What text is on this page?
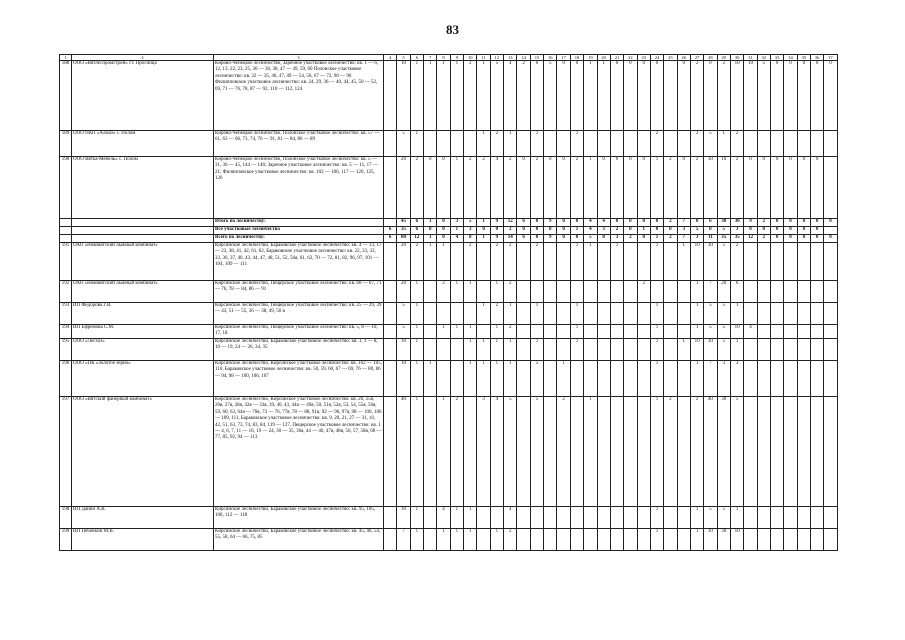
83
1	2	3	4	5	6	7	8	9	10	11	12	13	14	15	16	17	18	19	20	21	22	23	24	25	26	27	28	29	30	31	32	33	34	35	36	37
188	ООО «Вятлеспромстрой» ст. Просница	Кирово-Чепецкое лесничество, Заречное участковое лесничество: кв. 1 — 6, 12, 13, 22, 23, 25, 30 — 36, 38, 47 — 49, 59, 60 Полонское участковое лесничество: кв. 32 — 35, 46, 47, 49 — 54, 56, 67 — 72, 90 — 96 Филипповское участковое лесничество: кв. 24, 29, 36 — 40, 44, 45, 50 — 52, 69, 71 — 76, 78, 87 — 92, 110 — 112, 124		10	1	1	1	1	2	1	5	4	2	0	5	0	0	1	1	0	0	0	0		0	2	0	2	10	10	5	0	0	0	0	0
189	ООО ПКП «Алмаз» с. Полом	Кирово-Чепецкое лесничество, Полонское участковое лесничество: кв. 57 — 61, 63 — 66, 73, 74, 76 — 91, 81 — 84, 86 — 89		5	1					1	2	1		1			1						2			3	5	1	2							
190	ООО Вятка-Мебель» с. Полом	Кирово-Чепецкое лесничество, Полонское участковое лесничество: кв. 5 — 31, 36 — 45, 144 — 146; Заречное участковое лесничество: кв. 5 — 11, 17 — 21; Филипповское участковое лесничество: кв. 102 — 106, 117 — 120, 125, 126		20	2	0	0	1	2	2	4	2	0	2	0	0	2	1	0	0	0	0	1	2	0	2	10	10	2	0	0	0	0	0	0	
		Итого по лесничеству:		45	6	1	0	3	5	1	9	12	6	0	9	0	0	4	4	0	0	0	0	2	7	0	6	30	30	9	2	0	0	0	0	0
		Все участковые лесничества	6	35	6	0	0	1	3	0	0	2	0	0	0	0	1	4	3	2	0	1	0	0	3	5	0	5	3	0	0	0	0	0	0	
		Всего по лесничеству:	6	80	12	1	0	4	8	1	9	14	6	0	9	0	0	5	8	3	2	0	1	2	7	3	11	35	35	12	2	0	0	0	0	0
191	ОАО «Нововятский лыжный комбинат»	Кирсинское лесничество, Бараковское участковое лесничество: кв. 4 — 13, 17 — 23, 38, 41, 42, 61, 62, Бараковское участковое лесничество: кв. 22, 23, 32, 33, 36, 37, 40, 43, 44, 47, 48, 51, 52, 56я, 61, 62, 70 — 72, 81, 82, 96, 97, 101 — 104, 109 — 111		20	2	1	1		2		2	2		2			1	1		1			1		1	10	10	5	2							
192	ОАО «Нововятский лыжный комбинат»	Кирсинское лесничество, Пещерское участковое лесничество: кв. 60 — 67, 71 — 76, 78 — 84, 86 — 91		20	1		2	1	1		1	2										2				1	7	20	6							
193	ИП Федорова Г.В.	Кирсинское лесничество, Пещерское участковое лесничество: кв. 25 — 29, 39 — 43, 51 — 55, 36 — 38, 49, 50 я		5	1					1	2	1		1			1						1			1	5	5	1							
194	ИП Ефремова С.М.	Кирсинское лесничество, Пещерское участковое лесничество: кв. 5, 8 — 10, 17, 18		5	1		1	1	1		1	2					1						1			1	5	5	10	4						
195	ООО «Лесхоз»	Кирсинское лесничество, Бараковское участковое лесничество: кв. 1, 3 — 8, 10 — 19, 24 — 26, 34, 35		10	1				1	1	1	1		1			1						1		1	10	10	5	1							
196	ООО «ПК «Золотое зерно»	Кирсинское лесничество, Кирсинское участковое лесничество: кв. 102 — 105, 110, Бараковское участковое лесничество: кв. 50, 59, 60, 67 — 69, 76 — 80, 86 — 94, 98 — 100, 106, 107		10	1	1			1	1	1	1		5		1							1			1	7	3	3							
197	ООО «Вятский фанерный комбинат»	Кирсинское лесничество, Кирсинское участковое лесничество: кв. 26, 25я, 26я, 27я, 28я, 32я — 33я, 39, 40, 43, 44я — 49я, 50, 51я, 52я, 53, 54, 55я, 56я, 59, 60, 63, 64я — 70я, 73 — 76, 77я, 78 — 88, 91я, 92 — 96, 97я, 98 — 100, 106 — 109, 111, Бараковское участковое лесничество: кв. 9, 20, 21, 27 — 31, 41, 42, 51, 63, 73, 74, 83, 84, 119 — 127, Пещерское участковое лесничество: кв. 1 — 4, 6, 7, 11 — 16, 19 — 24, 30 — 35, 36я, 44 — 46, 47я, 48я, 56, 57, 58я, 68 — 77, 85, 92, 94 — 113		40	1		1	2		3	4	5		5		2		1					1	2		2	40	30	5							
198	ИП Данин А.В.	Кирсинское лесничество, Бараковское участковое лесничество: кв. 95, 105, 108, 112 — 118		10	1		4	1	1			4											1			1	5	5	1							
199	ИП Печенкин М.В.	Кирсинское лесничество, Бараковское участковое лесничество: кв. 45, 46, 54, 55, 58, 64 — 66, 75, 85		7	1		1	1	1		1	2											1			1	10	30	10							
